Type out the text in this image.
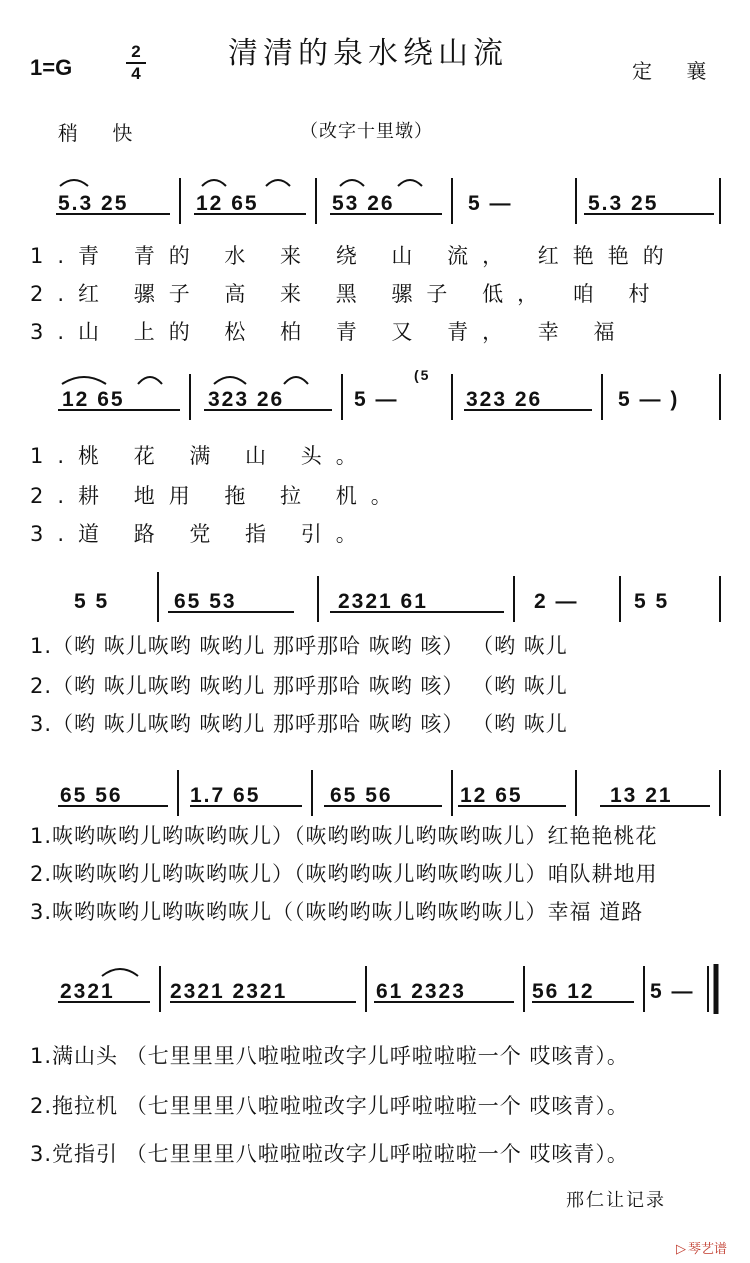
清清的泉水绕山流
1=G
2
4	定 襄
稍 快	（改字十里墩）
5.3 25	12 65	53 26	5 —	5.3 25
1.青 青的 水 来 绕 山 流， 红艳艳的
2.红 骡子 高 来 黑 骡子 低， 咱 村
3.山 上的 松 柏 青 又 青， 幸 福
12 65	323 26	5 —
(5
323 26	5 — )
1.桃 花 满 山 头。
2.耕 地用 拖 拉 机。
3.道 路 党 指 引。
5 5	65 53	2321 61	2 —	5 5
1.（哟 咴儿咴哟 咴哟儿 那呼那哈 咴哟 咳） （哟 咴儿
2.（哟 咴儿咴哟 咴哟儿 那呼那哈 咴哟 咳） （哟 咴儿
3.（哟 咴儿咴哟 咴哟儿 那呼那哈 咴哟 咳） （哟 咴儿
65 56	1.7 65	65 56	12 65	13 21
1.咴哟咴哟儿哟咴哟咴儿）（咴哟哟咴儿哟咴哟咴儿）红艳艳桃花
2.咴哟咴哟儿哟咴哟咴儿）（咴哟哟咴儿哟咴哟咴儿）咱队耕地用
3.咴哟咴哟儿哟咴哟咴儿（（咴哟哟咴儿哟咴哟咴儿）幸福 道路
2321	2321 2321	61 2323	56 12	5 —
1.满山头 （七里里里八啦啦啦改字儿呼啦啦啦一个 哎咳青）。
2.拖拉机 （七里里里八啦啦啦改字儿呼啦啦啦一个 哎咳青）。
3.党指引 （七里里里八啦啦啦改字儿呼啦啦啦一个 哎咳青）。
邢仁让记录
▷ 琴艺谱
